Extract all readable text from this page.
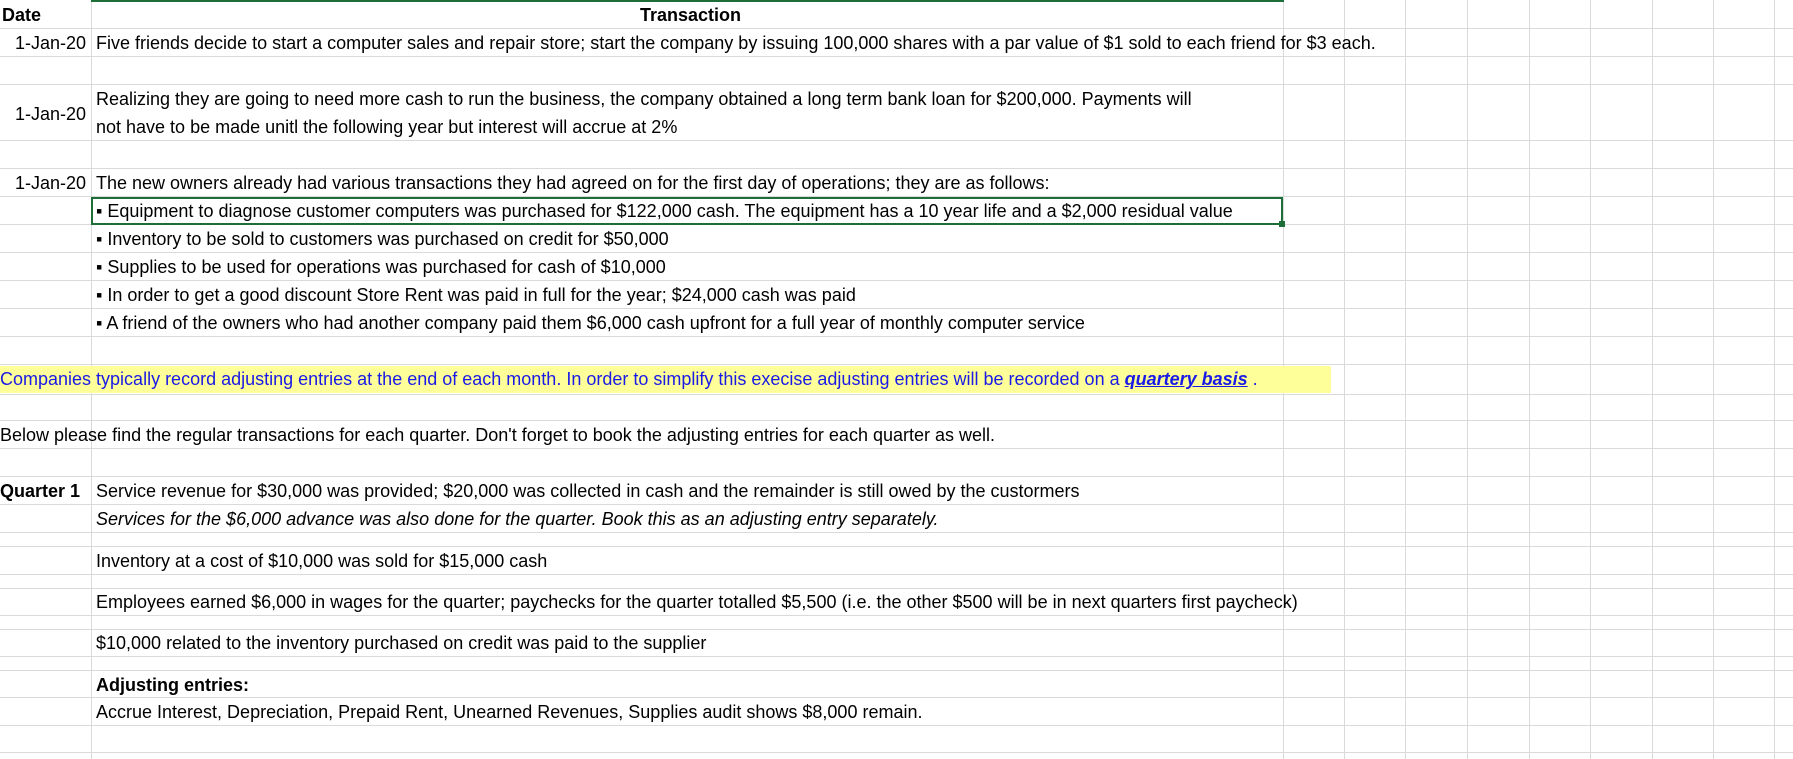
Date	Transaction
1-Jan-20 Five friends decide to start a computer sales and repair store; start the company by issuing 100,000 shares with a par value of $1 sold to each friend for $3 each.
1-Jan-20
Realizing they are going to need more cash to run the business, the company obtained a long term bank loan for $200,000. Payments will
not have to be made unitl the following year but interest will accrue at 2%
1-Jan-20 The new owners already had various transactions they had agreed on for the first day of operations; they are as follows:
▪ Equipment to diagnose customer computers was purchased for $122,000 cash. The equipment has a 10 year life and a $2,000 residual value
▪ Inventory to be sold to customers was purchased on credit for $50,000
▪ Supplies to be used for operations was purchased for cash of $10,000
▪ In order to get a good discount Store Rent was paid in full for the year; $24,000 cash was paid
▪ A friend of the owners who had another company paid them $6,000 cash upfront for a full year of monthly computer service
Companies typically record adjusting entries at the end of each month. In order to simplify this execise adjusting entries will be recorded on a quartery basis .
Below please find the regular transactions for each quarter. Don't forget to book the adjusting entries for each quarter as well.
Quarter 1 Service revenue for $30,000 was provided; $20,000 was collected in cash and the remainder is still owed by the custormers
Services for the $6,000 advance was also done for the quarter. Book this as an adjusting entry separately.
Inventory at a cost of $10,000 was sold for $15,000 cash
Employees earned $6,000 in wages for the quarter; paychecks for the quarter totalled $5,500 (i.e. the other $500 will be in next quarters first paycheck)
$10,000 related to the inventory purchased on credit was paid to the supplier
Adjusting entries:
Accrue Interest, Depreciation, Prepaid Rent, Unearned Revenues, Supplies audit shows $8,000 remain.
